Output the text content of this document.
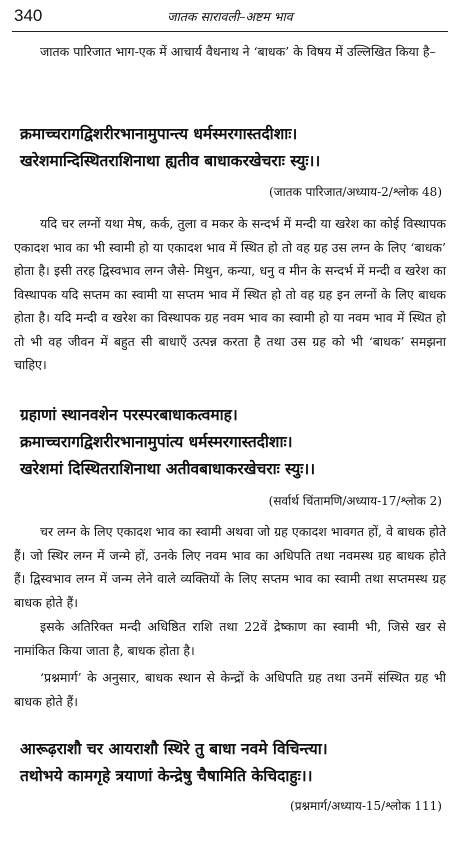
340	जातक सारावली–अष्टम भाव

जातक पारिजात भाग-एक में आचार्य वैधनाथ ने ‘बाधक’ के विषय में उल्लिखित किया है–

क्रमाच्चरागद्विशरीरभानामुपान्त्य धर्मस्मरगास्तदीशाः।

खरेशमान्दिस्थितराशिनाथा ह्यतीव बाधाकरखेचराः स्युः।।

(जातक पारिजात/अध्याय-2/श्लोक 48)

यदि चर लग्नों यथा मेष, कर्क, तुला व मकर के सन्दर्भ में मन्दी या खरेश का कोई विस्थापक एकादश भाव का भी स्वामी हो या एकादश भाव में स्थित हो तो वह ग्रह उस लग्न के लिए ‘बाधक’ होता है। इसी तरह द्विस्वभाव लग्न जैसे- मिथुन, कन्या, धनु व मीन के सन्दर्भ में मन्दी व खरेश का विस्थापक यदि सप्तम का स्वामी या सप्तम भाव में स्थित हो तो वह ग्रह इन लग्नों के लिए बाधक होता है। यदि मन्दी व खरेश का विस्थापक ग्रह नवम भाव का स्वामी हो या नवम भाव में स्थित हो तो भी वह जीवन में बहुत सी बाधाएँ उत्पन्न करता है तथा उस ग्रह को भी ‘बाधक’ समझना चाहिए।

ग्रहाणां स्थानवशेन परस्परबाधाकत्वमाह।

क्रमाच्चरागद्विशरीरभानामुपांत्य धर्मस्मरगास्तदीशाः।

खरेशमां दिस्थितराशिनाथा अतीवबाधाकरखेचराः स्युः।।

(सर्वार्थ चिंतामणि/अध्याय-17/श्लोक 2)

चर लग्न के लिए एकादश भाव का स्वामी अथवा जो ग्रह एकादश भावगत हों, वे बाधक होते हैं। जो स्थिर लग्न में जन्मे हों, उनके लिए नवम भाव का अधिपति तथा नवमस्थ ग्रह बाधक होते हैं। द्विस्वभाव लग्न में जन्म लेने वाले व्यक्तियों के लिए सप्तम भाव का स्वामी तथा सप्तमस्थ ग्रह बाधक होते हैं।

इसके अतिरिक्त मन्दी अधिष्ठित राशि तथा 22वें द्रेष्काण का स्वामी भी, जिसे खर से नामांकित किया जाता है, बाधक होता है।

‘प्रश्नमार्ग’ के अनुसार, बाधक स्थान से केन्द्रों के अधिपति ग्रह तथा उनमें संस्थित ग्रह भी बाधक होते हैं।

आरूढ़राशौ चर आयराशौ स्थिरे तु बाधा नवमे विचिन्त्या।

तथोभये कामगृहे त्रयाणां केन्द्रेषु चैषामिति केचिदाहुः।।

(प्रश्नमार्ग/अध्याय-15/श्लोक 111)
